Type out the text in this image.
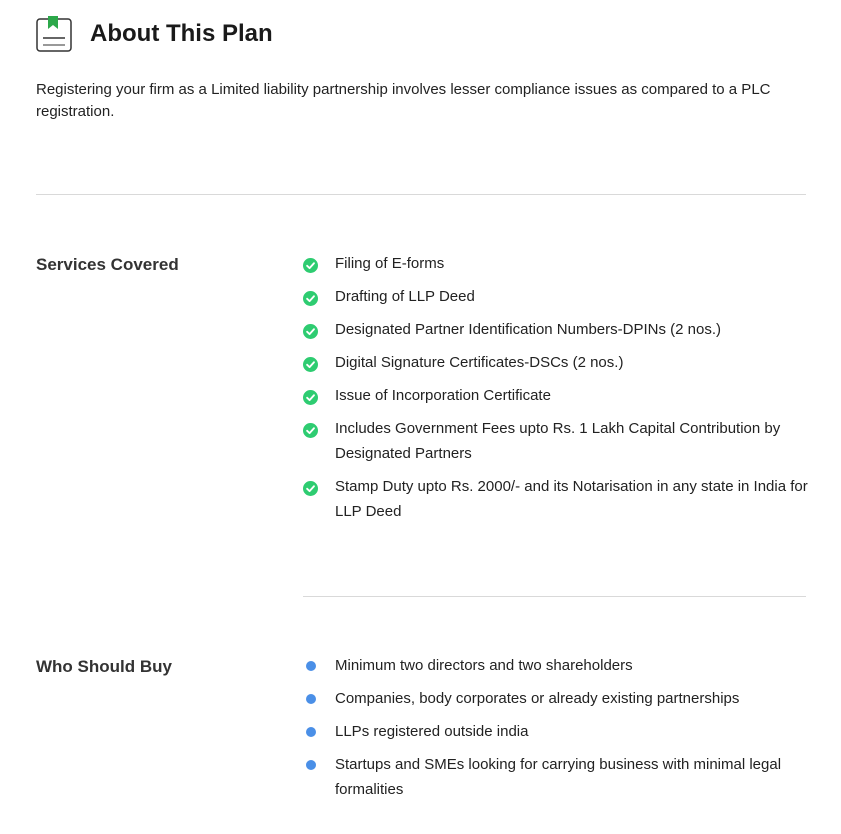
About This Plan
Registering your firm as a Limited liability partnership involves lesser compliance issues as compared to a PLC registration.
Services Covered	Filing of E-forms
Drafting of LLP Deed
Designated Partner Identification Numbers-DPINs (2 nos.)
Digital Signature Certificates-DSCs (2 nos.)
Issue of Incorporation Certificate
Includes Government Fees upto Rs. 1 Lakh Capital Contribution by Designated Partners
Stamp Duty upto Rs. 2000/- and its Notarisation in any state in India for LLP Deed
Who Should Buy	Minimum two directors and two shareholders
Companies, body corporates or already existing partnerships
LLPs registered outside india
Startups and SMEs looking for carrying business with minimal legal formalities
